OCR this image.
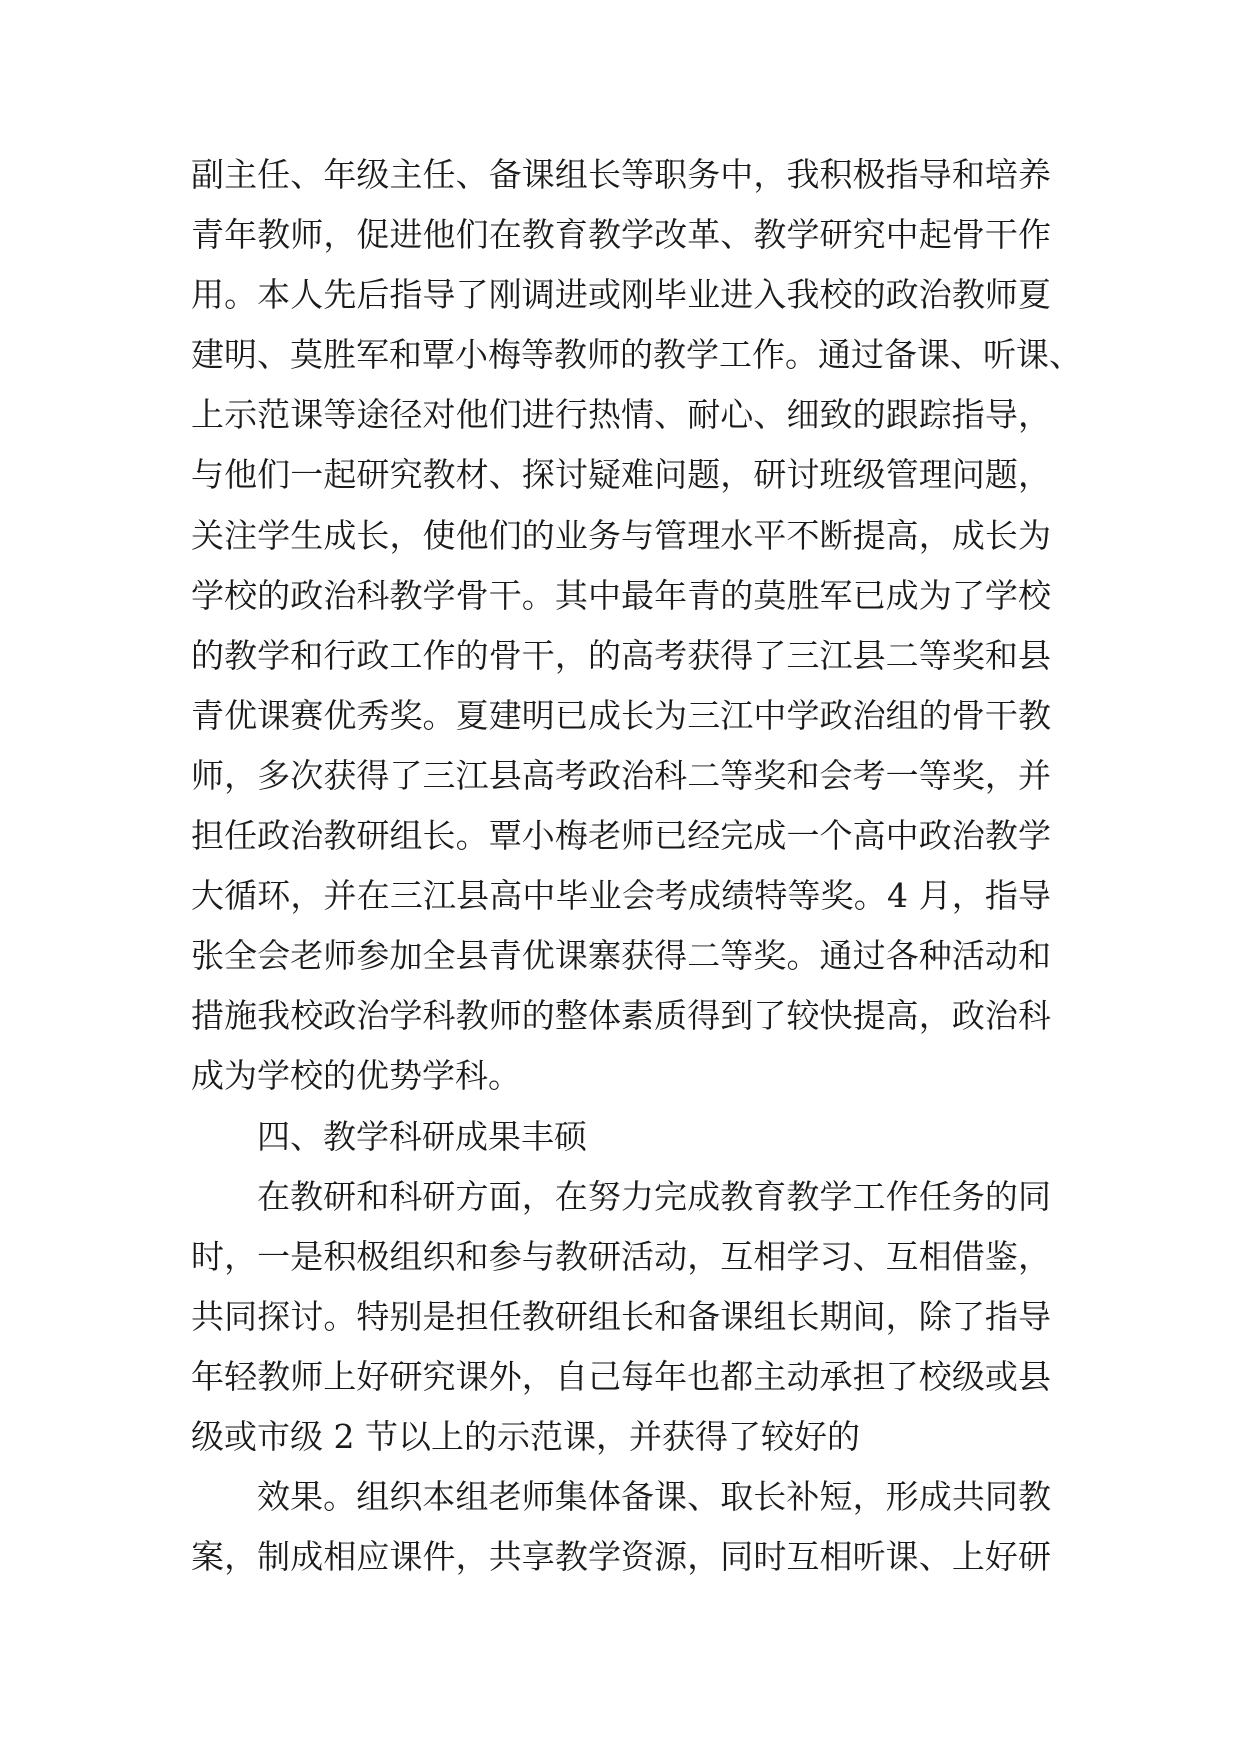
副主任、年级主任、备课组长等职务中，我积极指导和培养
青年教师，促进他们在教育教学改革、教学研究中起骨干作
用。本人先后指导了刚调进或刚毕业进入我校的政治教师夏
建明、莫胜军和覃小梅等教师的教学工作。通过备课、听课、
上示范课等途径对他们进行热情、耐心、细致的跟踪指导，
与他们一起研究教材、探讨疑难问题，研讨班级管理问题，
关注学生成长，使他们的业务与管理水平不断提高，成长为
学校的政治科教学骨干。其中最年青的莫胜军已成为了学校
的教学和行政工作的骨干，的高考获得了三江县二等奖和县
青优课赛优秀奖。夏建明已成长为三江中学政治组的骨干教
师，多次获得了三江县高考政治科二等奖和会考一等奖，并
担任政治教研组长。覃小梅老师已经完成一个高中政治教学
大循环，并在三江县高中毕业会考成绩特等奖。4 月，指导
张全会老师参加全县青优课寨获得二等奖。通过各种活动和
措施我校政治学科教师的整体素质得到了较快提高，政治科
成为学校的优势学科。
四、教学科研成果丰硕
在教研和科研方面，在努力完成教育教学工作任务的同
时，一是积极组织和参与教研活动，互相学习、互相借鉴，
共同探讨。特别是担任教研组长和备课组长期间，除了指导
年轻教师上好研究课外，自己每年也都主动承担了校级或县
级或市级 2 节以上的示范课，并获得了较好的
效果。组织本组老师集体备课、取长补短，形成共同教
案，制成相应课件，共享教学资源，同时互相听课、上好研
